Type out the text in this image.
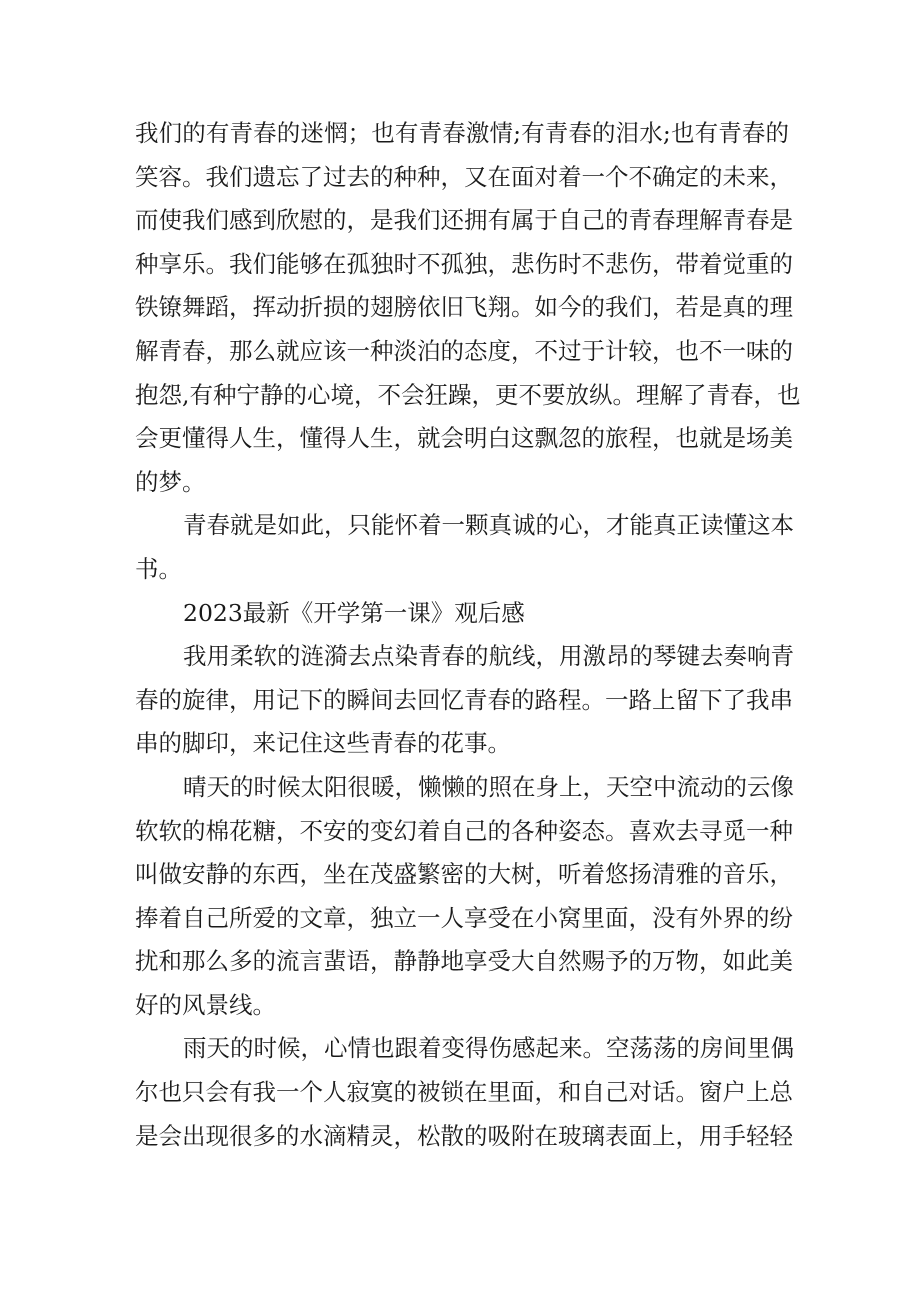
我们的有青春的迷惘；也有青春激情;有青春的泪水;也有青春的
笑容。我们遗忘了过去的种种，又在面对着一个不确定的未来，
而使我们感到欣慰的，是我们还拥有属于自己的青春理解青春是
种享乐。我们能够在孤独时不孤独，悲伤时不悲伤，带着觉重的
铁镣舞蹈，挥动折损的翅膀依旧飞翔。如今的我们，若是真的理
解青春，那么就应该一种淡泊的态度，不过于计较，也不一味的
抱怨,有种宁静的心境，不会狂躁，更不要放纵。理解了青春，也
会更懂得人生，懂得人生，就会明白这飘忽的旅程，也就是场美
的梦。
青春就是如此，只能怀着一颗真诚的心，才能真正读懂这本
书。
2023最新《开学第一课》观后感
我用柔软的涟漪去点染青春的航线，用激昂的琴键去奏响青
春的旋律，用记下的瞬间去回忆青春的路程。一路上留下了我串
串的脚印，来记住这些青春的花事。
晴天的时候太阳很暖，懒懒的照在身上，天空中流动的云像
软软的棉花糖，不安的变幻着自己的各种姿态。喜欢去寻觅一种
叫做安静的东西，坐在茂盛繁密的大树，听着悠扬清雅的音乐，
捧着自己所爱的文章，独立一人享受在小窝里面，没有外界的纷
扰和那么多的流言蜚语，静静地享受大自然赐予的万物，如此美
好的风景线。
雨天的时候，心情也跟着变得伤感起来。空荡荡的房间里偶
尔也只会有我一个人寂寞的被锁在里面，和自己对话。窗户上总
是会出现很多的水滴精灵，松散的吸附在玻璃表面上，用手轻轻
